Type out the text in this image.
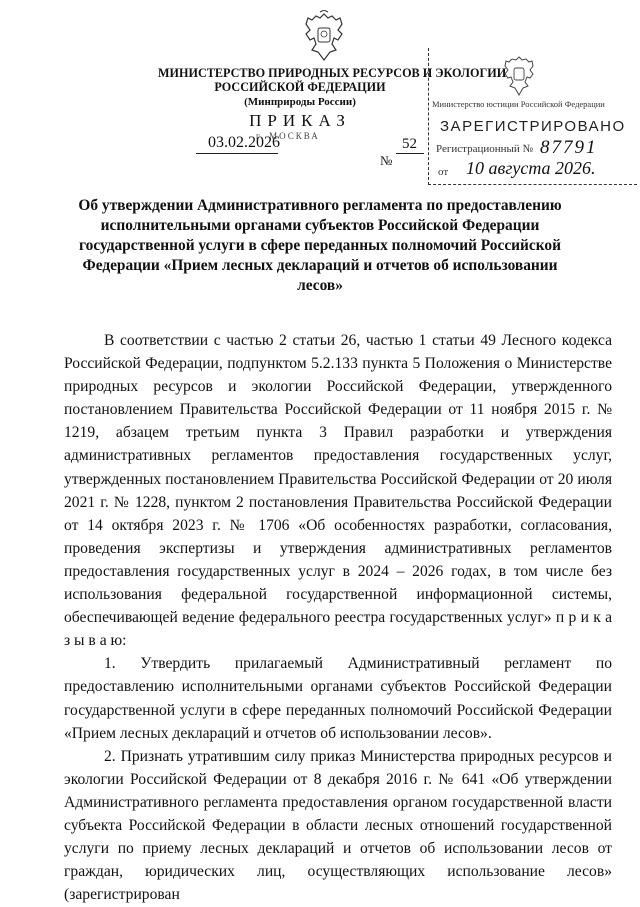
МИНИСТЕРСТВО ПРИРОДНЫХ РЕСУРСОВ И ЭКОЛОГИИ
РОССИЙСКОЙ ФЕДЕРАЦИИ
(Минприроды России)
ПРИКАЗ
г. МОСКВА
03.02.2026
№
52
Министерство юстиции Российской Федерации
ЗАРЕГИСТРИРОВАНО
Регистрационный № 87791
от 10 августа 2026.
Об утверждении Административного регламента по предоставлению исполнительными органами субъектов Российской Федерации государственной услуги в сфере переданных полномочий Российской Федерации «Прием лесных деклараций и отчетов об использовании лесов»

В соответствии с частью 2 статьи 26, частью 1 статьи 49 Лесного кодекса Российской Федерации, подпунктом 5.2.133 пункта 5 Положения о Министерстве природных ресурсов и экологии Российской Федерации, утвержденного постановлением Правительства Российской Федерации от 11 ноября 2015 г. № 1219, абзацем третьим пункта 3 Правил разработки и утверждения административных регламентов предоставления государственных услуг, утвержденных постановлением Правительства Российской Федерации от 20 июля 2021 г. № 1228, пунктом 2 постановления Правительства Российской Федерации от 14 октября 2023 г. № 1706 «Об особенностях разработки, согласования, проведения экспертизы и утверждения административных регламентов предоставления государственных услуг в 2024 – 2026 годах, в том числе без использования федеральной государственной информационной системы, обеспечивающей ведение федерального реестра государственных услуг» п р и к а з ы в а ю:

1. Утвердить прилагаемый Административный регламент по предоставлению исполнительными органами субъектов Российской Федерации государственной услуги в сфере переданных полномочий Российской Федерации «Прием лесных деклараций и отчетов об использовании лесов».

2. Признать утратившим силу приказ Министерства природных ресурсов и экологии Российской Федерации от 8 декабря 2016 г. № 641 «Об утверждении Административного регламента предоставления органом государственной власти субъекта Российской Федерации в области лесных отношений государственной услуги по приему лесных деклараций и отчетов об использовании лесов от граждан, юридических лиц, осуществляющих использование лесов» (зарегистрирован
